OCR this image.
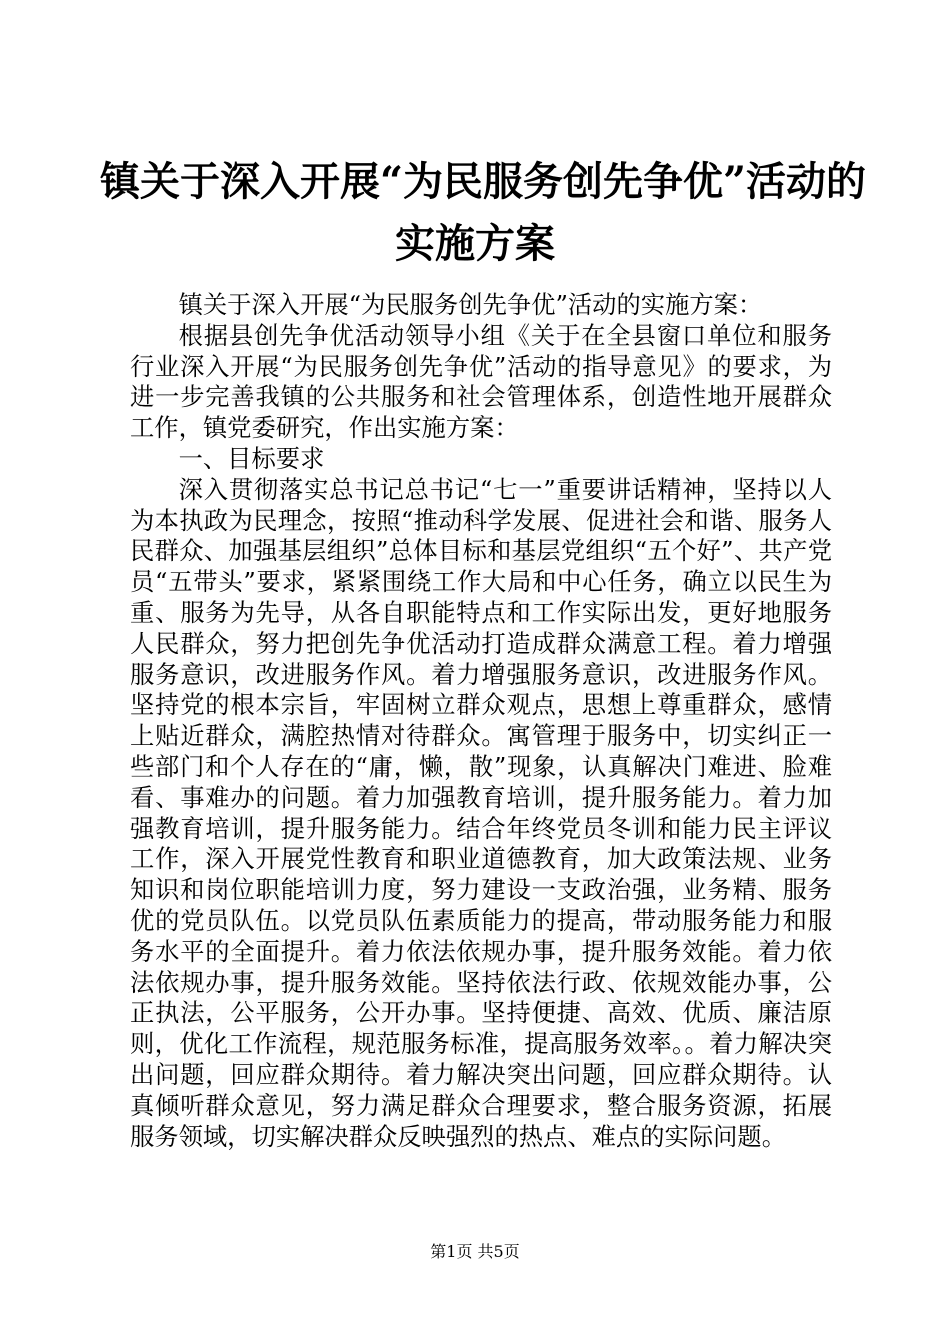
镇关于深入开展“为民服务创先争优”活动的
实施方案

镇关于深入开展“为民服务创先争优”活动的实施方案：

根据县创先争优活动领导小组《关于在全县窗口单位和服务行业深入开展“为民服务创先争优”活动的指导意见》的要求，为进一步完善我镇的公共服务和社会管理体系，创造性地开展群众工作，镇党委研究，作出实施方案：

一、目标要求

深入贯彻落实总书记总书记“七一”重要讲话精神，坚持以人为本执政为民理念，按照“推动科学发展、促进社会和谐、服务人民群众、加强基层组织”总体目标和基层党组织“五个好”、共产党员“五带头”要求，紧紧围绕工作大局和中心任务，确立以民生为重、服务为先导，从各自职能特点和工作实际出发，更好地服务人民群众，努力把创先争优活动打造成群众满意工程。着力增强服务意识，改进服务作风。着力增强服务意识，改进服务作风。坚持党的根本宗旨，牢固树立群众观点，思想上尊重群众，感情上贴近群众，满腔热情对待群众。寓管理于服务中，切实纠正一些部门和个人存在的“庸，懒，散”现象，认真解决门难进、脸难看、事难办的问题。着力加强教育培训，提升服务能力。着力加强教育培训，提升服务能力。结合年终党员冬训和能力民主评议工作，深入开展党性教育和职业道德教育，加大政策法规、业务知识和岗位职能培训力度，努力建设一支政治强，业务精、服务优的党员队伍。以党员队伍素质能力的提高，带动服务能力和服务水平的全面提升。着力依法依规办事，提升服务效能。着力依法依规办事，提升服务效能。坚持依法行政、依规效能办事，公正执法，公平服务，公开办事。坚持便捷、高效、优质、廉洁原则，优化工作流程，规范服务标准，提高服务效率。。着力解决突出问题，回应群众期待。着力解决突出问题，回应群众期待。认真倾听群众意见，努力满足群众合理要求，整合服务资源，拓展服务领域，切实解决群众反映强烈的热点、难点的实际问题。

第1页 共5页
